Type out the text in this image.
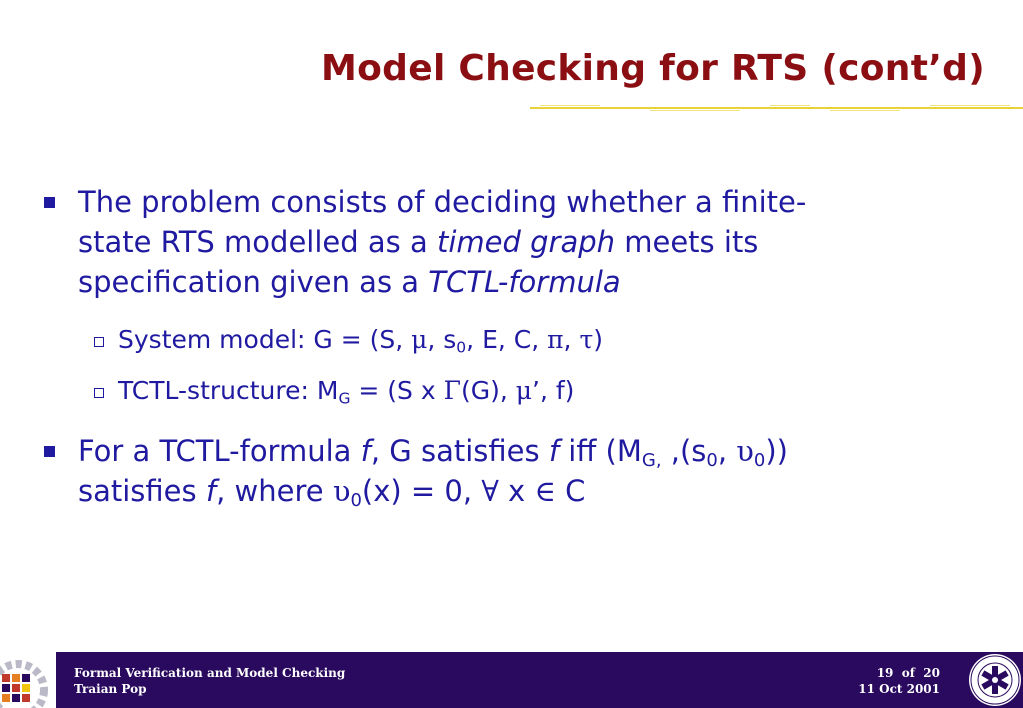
Model Checking for RTS (cont’d)
The problem consists of deciding whether a finite-
state RTS modelled as a timed graph meets its
specification given as a TCTL-formula
System model: G = (S, μ, $s_0$, E, C, π, τ)
TCTL-structure: $M_G = (S$ x Γ(G), μ’, f)
For a TCTL-formula f, G satisfies f iff ($M_{G,}$ $,(s_0$, $\upsilon_0$))
satisfies f, where $\upsilon_0(x) = 0$, ∀ x ∈ C
Formal Verification and Model Checking
Traian Pop
19 of 20
11 Oct 2001
